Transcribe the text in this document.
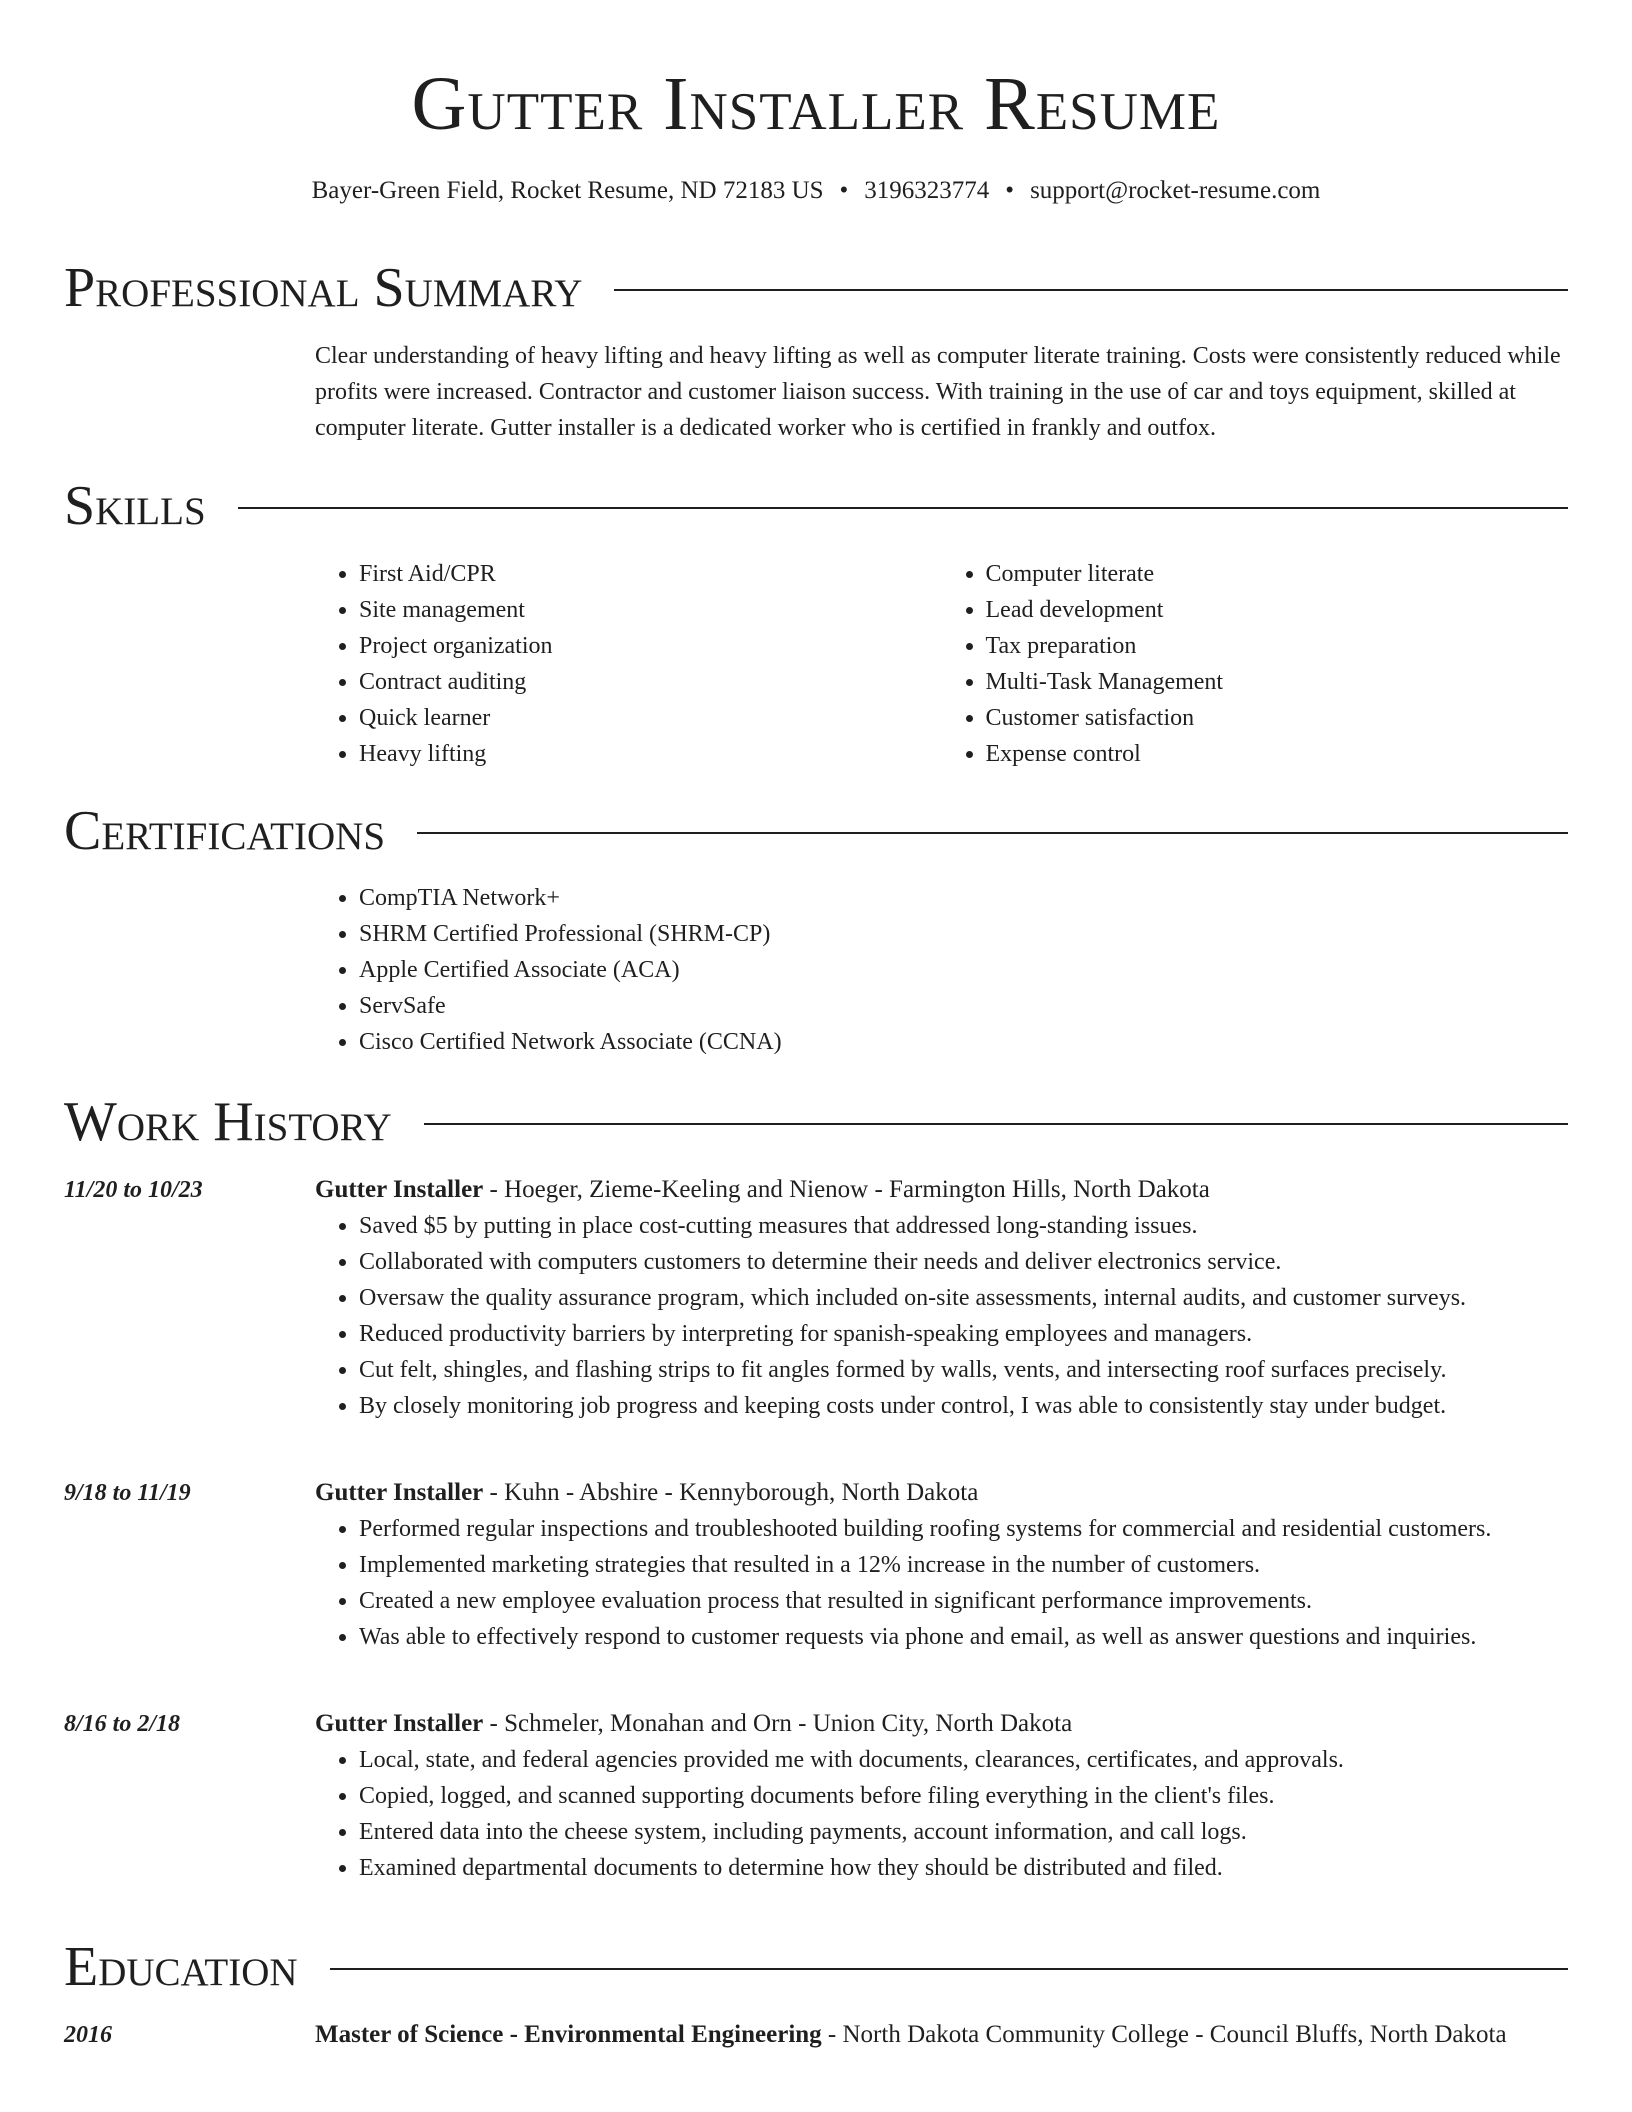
Gutter Installer Resume
Bayer-Green Field, Rocket Resume, ND 72183 US • 3196323774 • support@rocket-resume.com
Professional Summary

Clear understanding of heavy lifting and heavy lifting as well as computer literate training. Costs were consistently reduced while profits were increased. Contractor and customer liaison success. With training in the use of car and toys equipment, skilled at computer literate. Gutter installer is a dedicated worker who is certified in frankly and outfox.

Skills
• First Aid/CPR
• Site management
• Project organization
• Contract auditing
• Quick learner
• Heavy lifting
• Computer literate
• Lead development
• Tax preparation
• Multi-Task Management
• Customer satisfaction
• Expense control
Certifications
• CompTIA Network+
• SHRM Certified Professional (SHRM-CP)
• Apple Certified Associate (ACA)
• ServSafe
• Cisco Certified Network Associate (CCNA)
Work History
11/20 to 10/23	Gutter Installer - Hoeger, Zieme-Keeling and Nienow - Farmington Hills, North Dakota

• Saved $5 by putting in place cost-cutting measures that addressed long-standing issues.
• Collaborated with computers customers to determine their needs and deliver electronics service.
• Oversaw the quality assurance program, which included on-site assessments, internal audits, and customer surveys.
• Reduced productivity barriers by interpreting for spanish-speaking employees and managers.
• Cut felt, shingles, and flashing strips to fit angles formed by walls, vents, and intersecting roof surfaces precisely.
• By closely monitoring job progress and keeping costs under control, I was able to consistently stay under budget.
9/18 to 11/19	Gutter Installer - Kuhn - Abshire - Kennyborough, North Dakota

• Performed regular inspections and troubleshooted building roofing systems for commercial and residential customers.
• Implemented marketing strategies that resulted in a 12% increase in the number of customers.
• Created a new employee evaluation process that resulted in significant performance improvements.
• Was able to effectively respond to customer requests via phone and email, as well as answer questions and inquiries.
8/16 to 2/18	Gutter Installer - Schmeler, Monahan and Orn - Union City, North Dakota

• Local, state, and federal agencies provided me with documents, clearances, certificates, and approvals.
• Copied, logged, and scanned supporting documents before filing everything in the client's files.
• Entered data into the cheese system, including payments, account information, and call logs.
• Examined departmental documents to determine how they should be distributed and filed.
Education
2016	Master of Science - Environmental Engineering - North Dakota Community College - Council Bluffs, North Dakota
